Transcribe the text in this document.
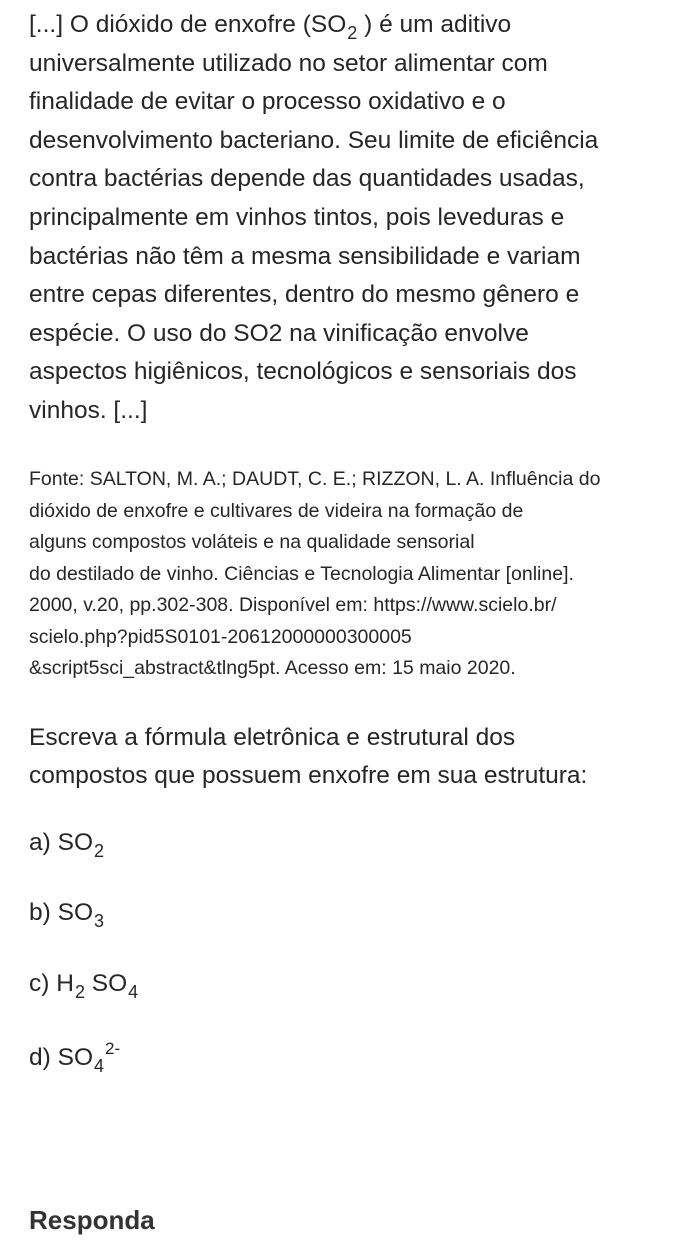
[...] O dióxido de enxofre ($SO_2$ ) é um aditivo
universalmente utilizado no setor alimentar com
finalidade de evitar o processo oxidativo e o
desenvolvimento bacteriano. Seu limite de eficiência
contra bactérias depende das quantidades usadas,
principalmente em vinhos tintos, pois leveduras e
bactérias não têm a mesma sensibilidade e variam
entre cepas diferentes, dentro do mesmo gênero e
espécie. O uso do SO2 na vinificação envolve
aspectos higiênicos, tecnológicos e sensoriais dos
vinhos. [...]
Fonte: SALTON, M. A.; DAUDT, C. E.; RIZZON, L. A. Influência do
dióxido de enxofre e cultivares de videira na formação de
alguns compostos voláteis e na qualidade sensorial
do destilado de vinho. Ciências e Tecnologia Alimentar [online].
2000, v.20, pp.302-308. Disponível em: https://www.scielo.br/
scielo.php?pid5S0101-20612000000300005
&script5sci_abstract&tlng5pt. Acesso em: 15 maio 2020.
Escreva a fórmula eletrônica e estrutural dos
compostos que possuem enxofre em sua estrutura:
a) $SO_2$
b) $SO_3$
c) $H_2$ $SO_4$
d) $SO_4^{2-}$
Responda
